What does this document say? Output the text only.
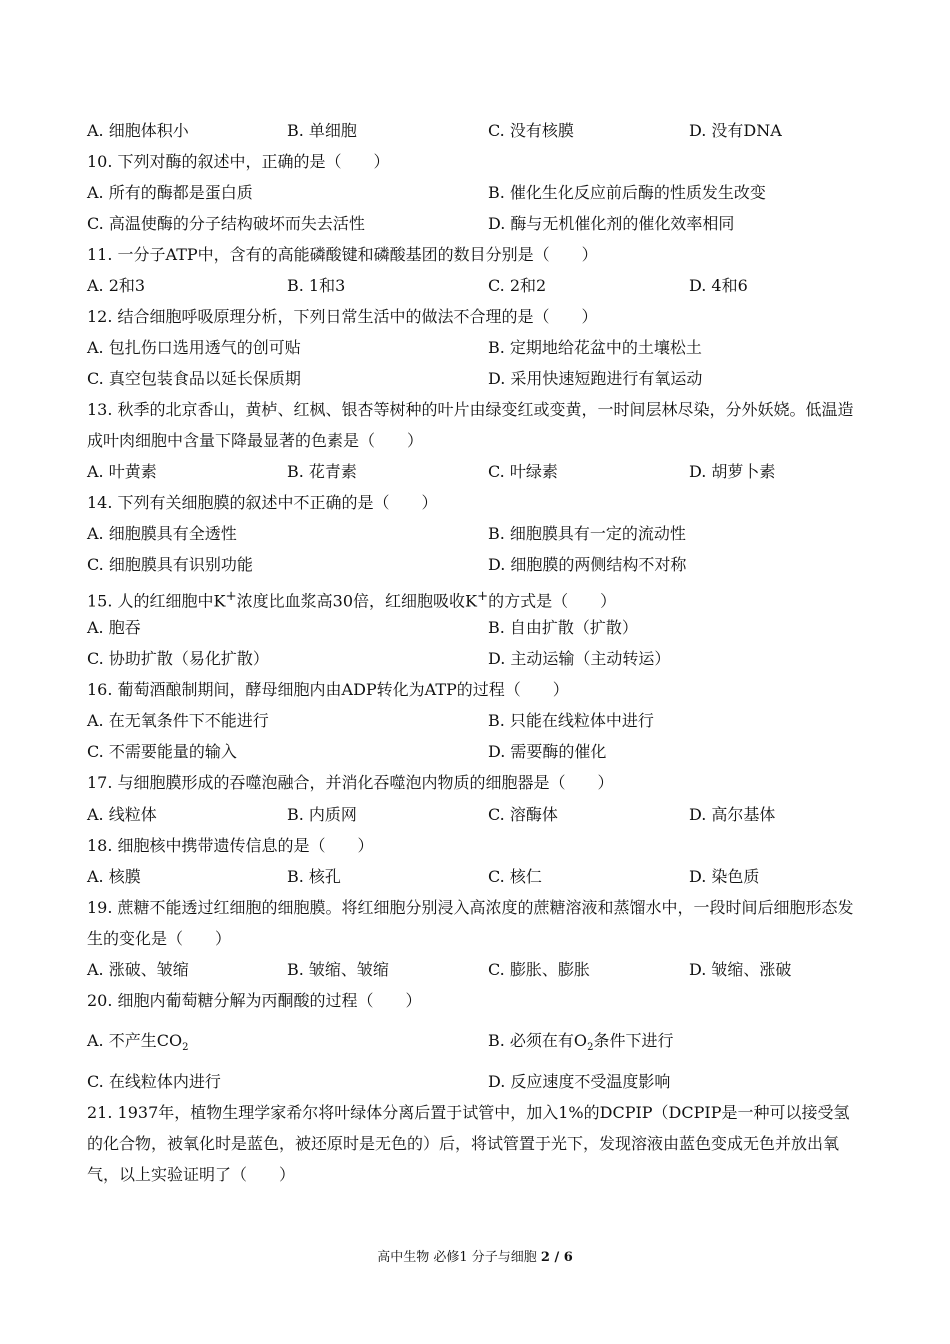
A. 细胞体积小	B. 单细胞	C. 没有核膜	D. 没有DNA
10. 下列对酶的叙述中，正确的是（　　）
A. 所有的酶都是蛋白质	B. 催化生化反应前后酶的性质发生改变
C. 高温使酶的分子结构破坏而失去活性	D. 酶与无机催化剂的催化效率相同
11. 一分子ATP中，含有的高能磷酸键和磷酸基团的数目分别是（　　）
A. 2和3	B. 1和3	C. 2和2	D. 4和6
12. 结合细胞呼吸原理分析，下列日常生活中的做法不合理的是（　　）
A. 包扎伤口选用透气的创可贴	B. 定期地给花盆中的土壤松土
C. 真空包装食品以延长保质期	D. 采用快速短跑进行有氧运动
13. 秋季的北京香山，黄栌、红枫、银杏等树种的叶片由绿变红或变黄，一时间层林尽染，分外妖娆。低温造成叶肉细胞中含量下降最显著的色素是（　　）
A. 叶黄素	B. 花青素	C. 叶绿素	D. 胡萝卜素
14. 下列有关细胞膜的叙述中不正确的是（　　）
A. 细胞膜具有全透性	B. 细胞膜具有一定的流动性
C. 细胞膜具有识别功能	D. 细胞膜的两侧结构不对称
15. 人的红细胞中K+浓度比血浆高30倍，红细胞吸收K+的方式是（　　）
A. 胞吞	B. 自由扩散（扩散）
C. 协助扩散（易化扩散）	D. 主动运输（主动转运）
16. 葡萄酒酿制期间，酵母细胞内由ADP转化为ATP的过程（　　）
A. 在无氧条件下不能进行	B. 只能在线粒体中进行
C. 不需要能量的输入	D. 需要酶的催化
17. 与细胞膜形成的吞噬泡融合，并消化吞噬泡内物质的细胞器是（　　）
A. 线粒体	B. 内质网	C. 溶酶体	D. 高尔基体
18. 细胞核中携带遗传信息的是（　　）
A. 核膜	B. 核孔	C. 核仁	D. 染色质
19. 蔗糖不能透过红细胞的细胞膜。将红细胞分别浸入高浓度的蔗糖溶液和蒸馏水中，一段时间后细胞形态发生的变化是（　　）
A. 涨破、皱缩	B. 皱缩、皱缩	C. 膨胀、膨胀	D. 皱缩、涨破
20. 细胞内葡萄糖分解为丙酮酸的过程（　　）
A. 不产生$CO_2$	B. 必须在有$O_2$条件下进行
C. 在线粒体内进行	D. 反应速度不受温度影响
21. 1937年，植物生理学家希尔将叶绿体分离后置于试管中，加入1%的DCPIP（DCPIP是一种可以接受氢的化合物，被氧化时是蓝色，被还原时是无色的）后，将试管置于光下，发现溶液由蓝色变成无色并放出氧气，以上实验证明了（　　）
高中生物 必修1 分子与细胞 2 / 6
